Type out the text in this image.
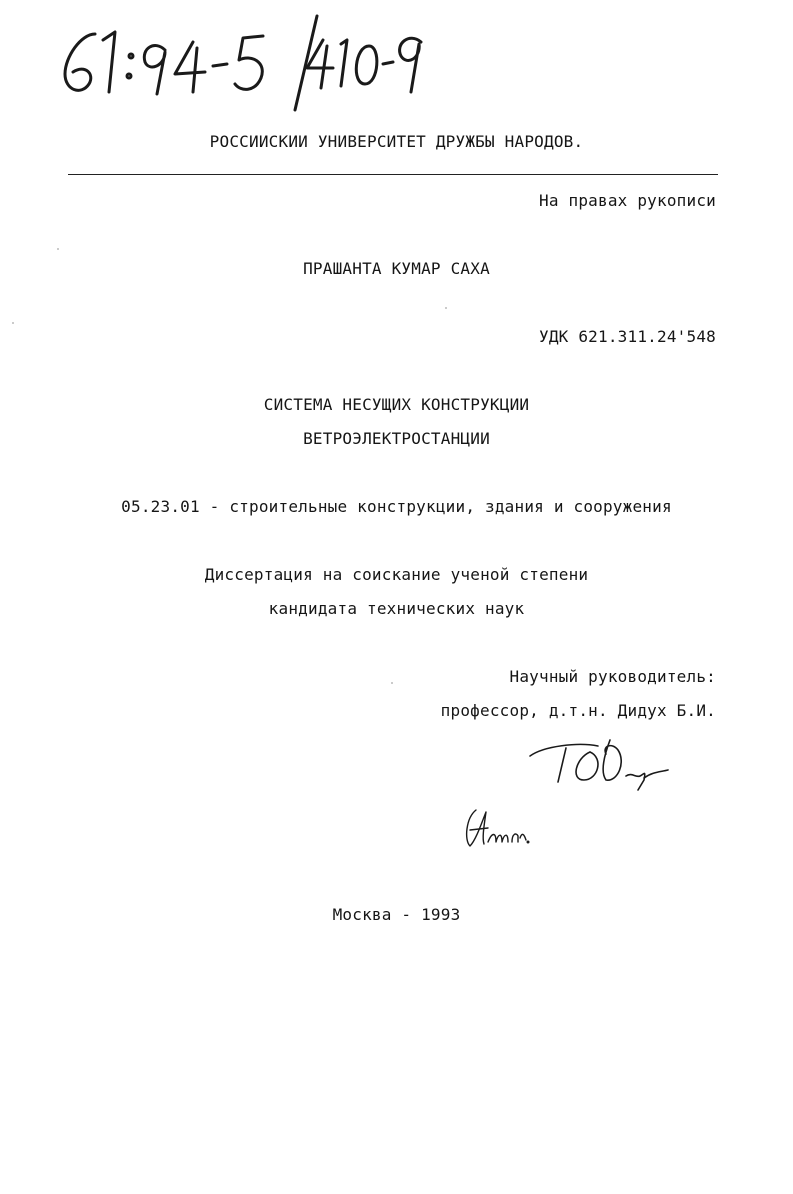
РОССИИСКИИ УНИВЕРСИТЕТ ДРУЖБЫ НАРОДОВ.
На правах рукописи
ПРАШАНТА КУМАР САХА
УДК 621.311.24'548
СИСТЕМА НЕСУЩИХ КОНСТРУКЦИИ
ВЕТРОЭЛЕКТРОСТАНЦИИ
05.23.01 - строительные конструкции, здания и сооружения
Диссертация на соискание ученой степени
кандидата технических наук
Научный руководитель:
профессор, д.т.н. Дидух Б.И.
Москва - 1993
